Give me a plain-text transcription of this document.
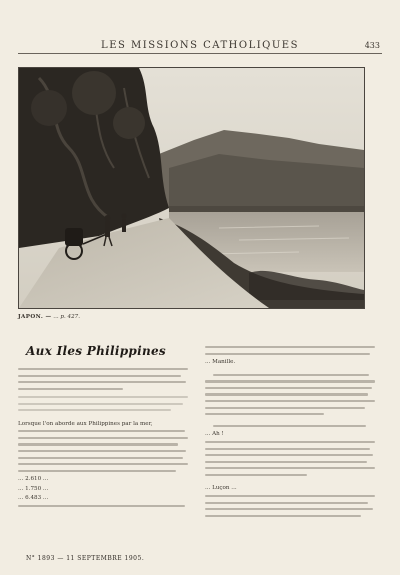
LES MISSIONS CATHOLIQUES	433
JAPON. — ... p. 427.
Aux Iles Philippines

Lorsque l'on aborde aux Philippines par la mer,

... 2.610 ...

... 1.750 ...

... 6.483 ...

... Manille.

... Ah !

... Luçon ...

N° 1893 — 11 SEPTEMBRE 1905.
